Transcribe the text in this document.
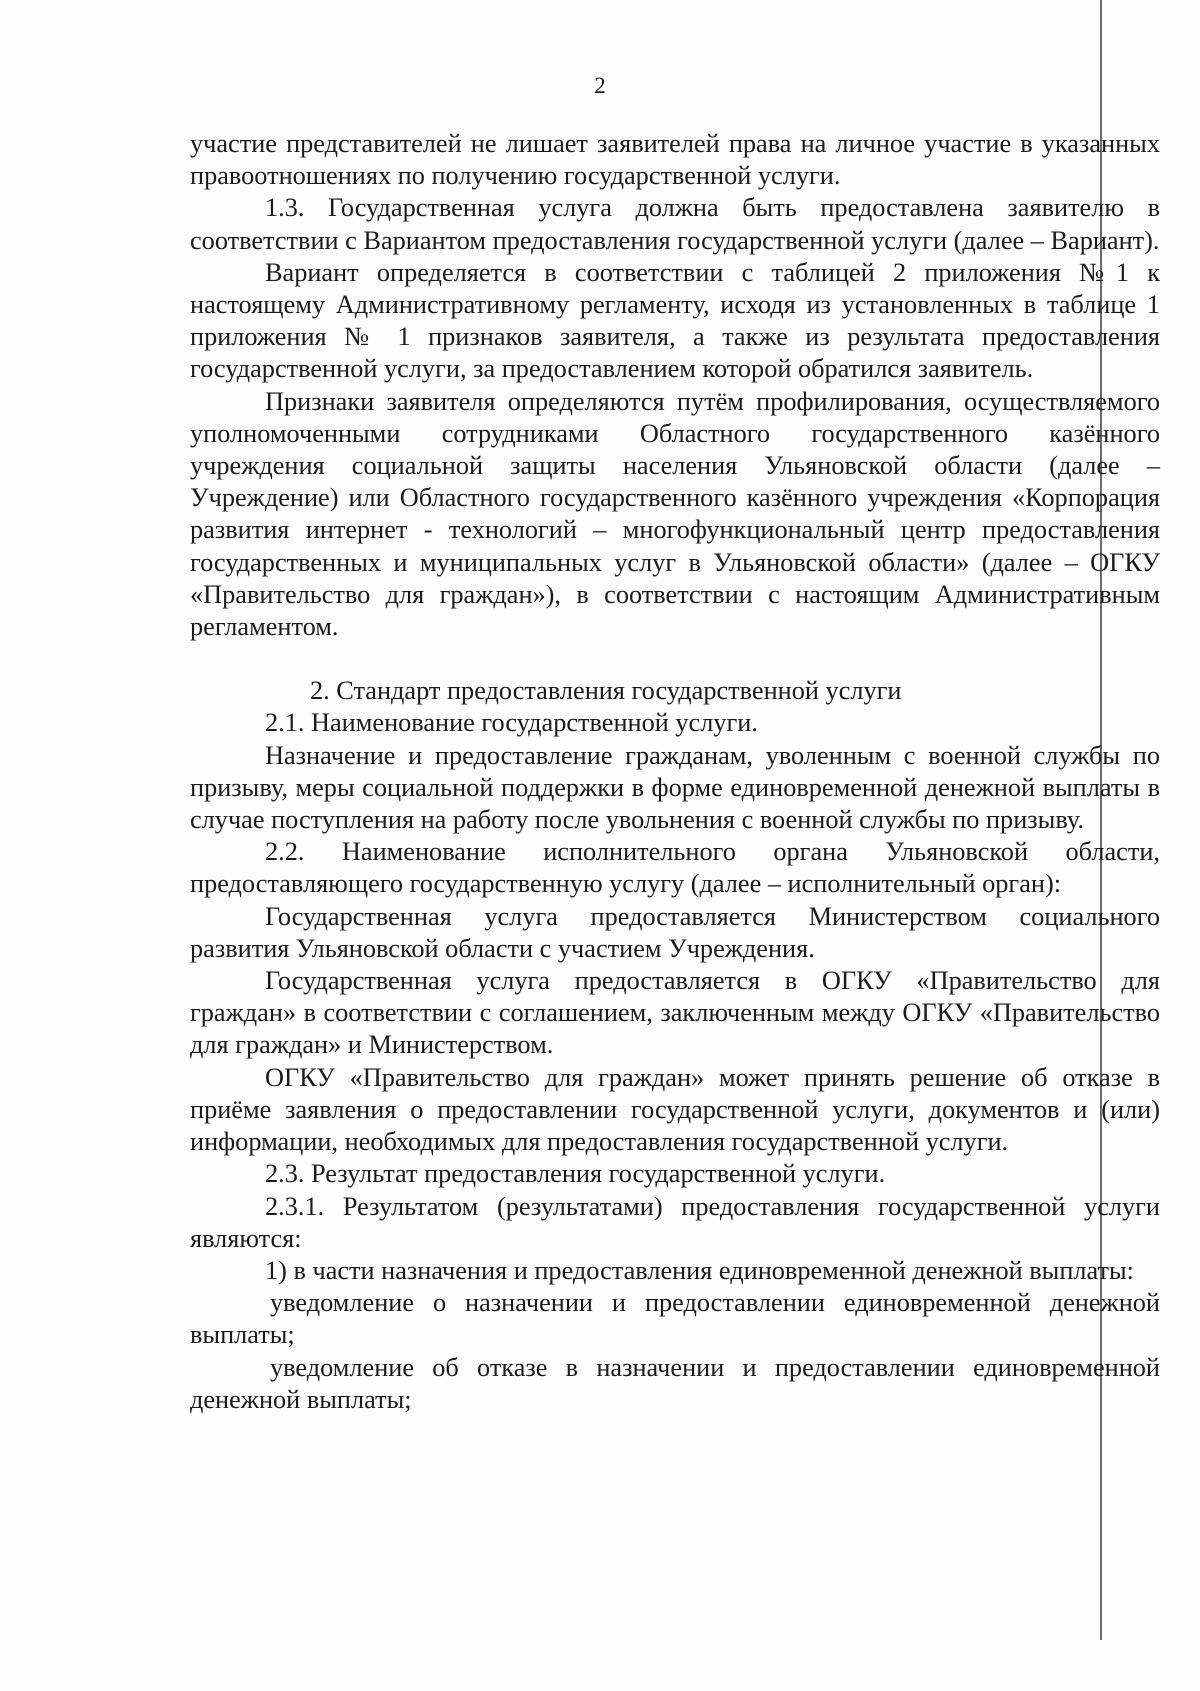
2

участие представителей не лишает заявителей права на личное участие в указанных правоотношениях по получению государственной услуги.

1.3. Государственная услуга должна быть предоставлена заявителю в соответствии с Вариантом предоставления государственной услуги (далее – Вариант).

Вариант определяется в соответствии с таблицей 2 приложения №1 к настоящему Административному регламенту, исходя из установленных в таблице 1 приложения № 1 признаков заявителя, а также из результата предоставления государственной услуги, за предоставлением которой обратился заявитель.

Признаки заявителя определяются путём профилирования, осуществляемого уполномоченными сотрудниками Областного государственного казённого учреждения социальной защиты населения Ульяновской области (далее – Учреждение) или Областного государственного казённого учреждения «Корпорация развития интернет - технологий – многофункциональный центр предоставления государственных и муниципальных услуг в Ульяновской области» (далее – ОГКУ «Правительство для граждан»), в соответствии с настоящим Административным регламентом.

2. Стандарт предоставления государственной услуги

2.1. Наименование государственной услуги.

Назначение и предоставление гражданам, уволенным с военной службы по призыву, меры социальной поддержки в форме единовременной денежной выплаты в случае поступления на работу после увольнения с военной службы по призыву.

2.2. Наименование исполнительного органа Ульяновской области, предоставляющего государственную услугу (далее – исполнительный орган):

Государственная услуга предоставляется Министерством социального развития Ульяновской области с участием Учреждения.

Государственная услуга предоставляется в ОГКУ «Правительство для граждан» в соответствии с соглашением, заключенным между ОГКУ «Правительство для граждан» и Министерством.

ОГКУ «Правительство для граждан» может принять решение об отказе в приёме заявления о предоставлении государственной услуги, документов и (или) информации, необходимых для предоставления государственной услуги.

2.3. Результат предоставления государственной услуги.

2.3.1. Результатом (результатами) предоставления государственной услуги являются:

1) в части назначения и предоставления единовременной денежной выплаты:

уведомление о назначении и предоставлении единовременной денежной выплаты;

уведомление об отказе в назначении и предоставлении единовременной денежной выплаты;
